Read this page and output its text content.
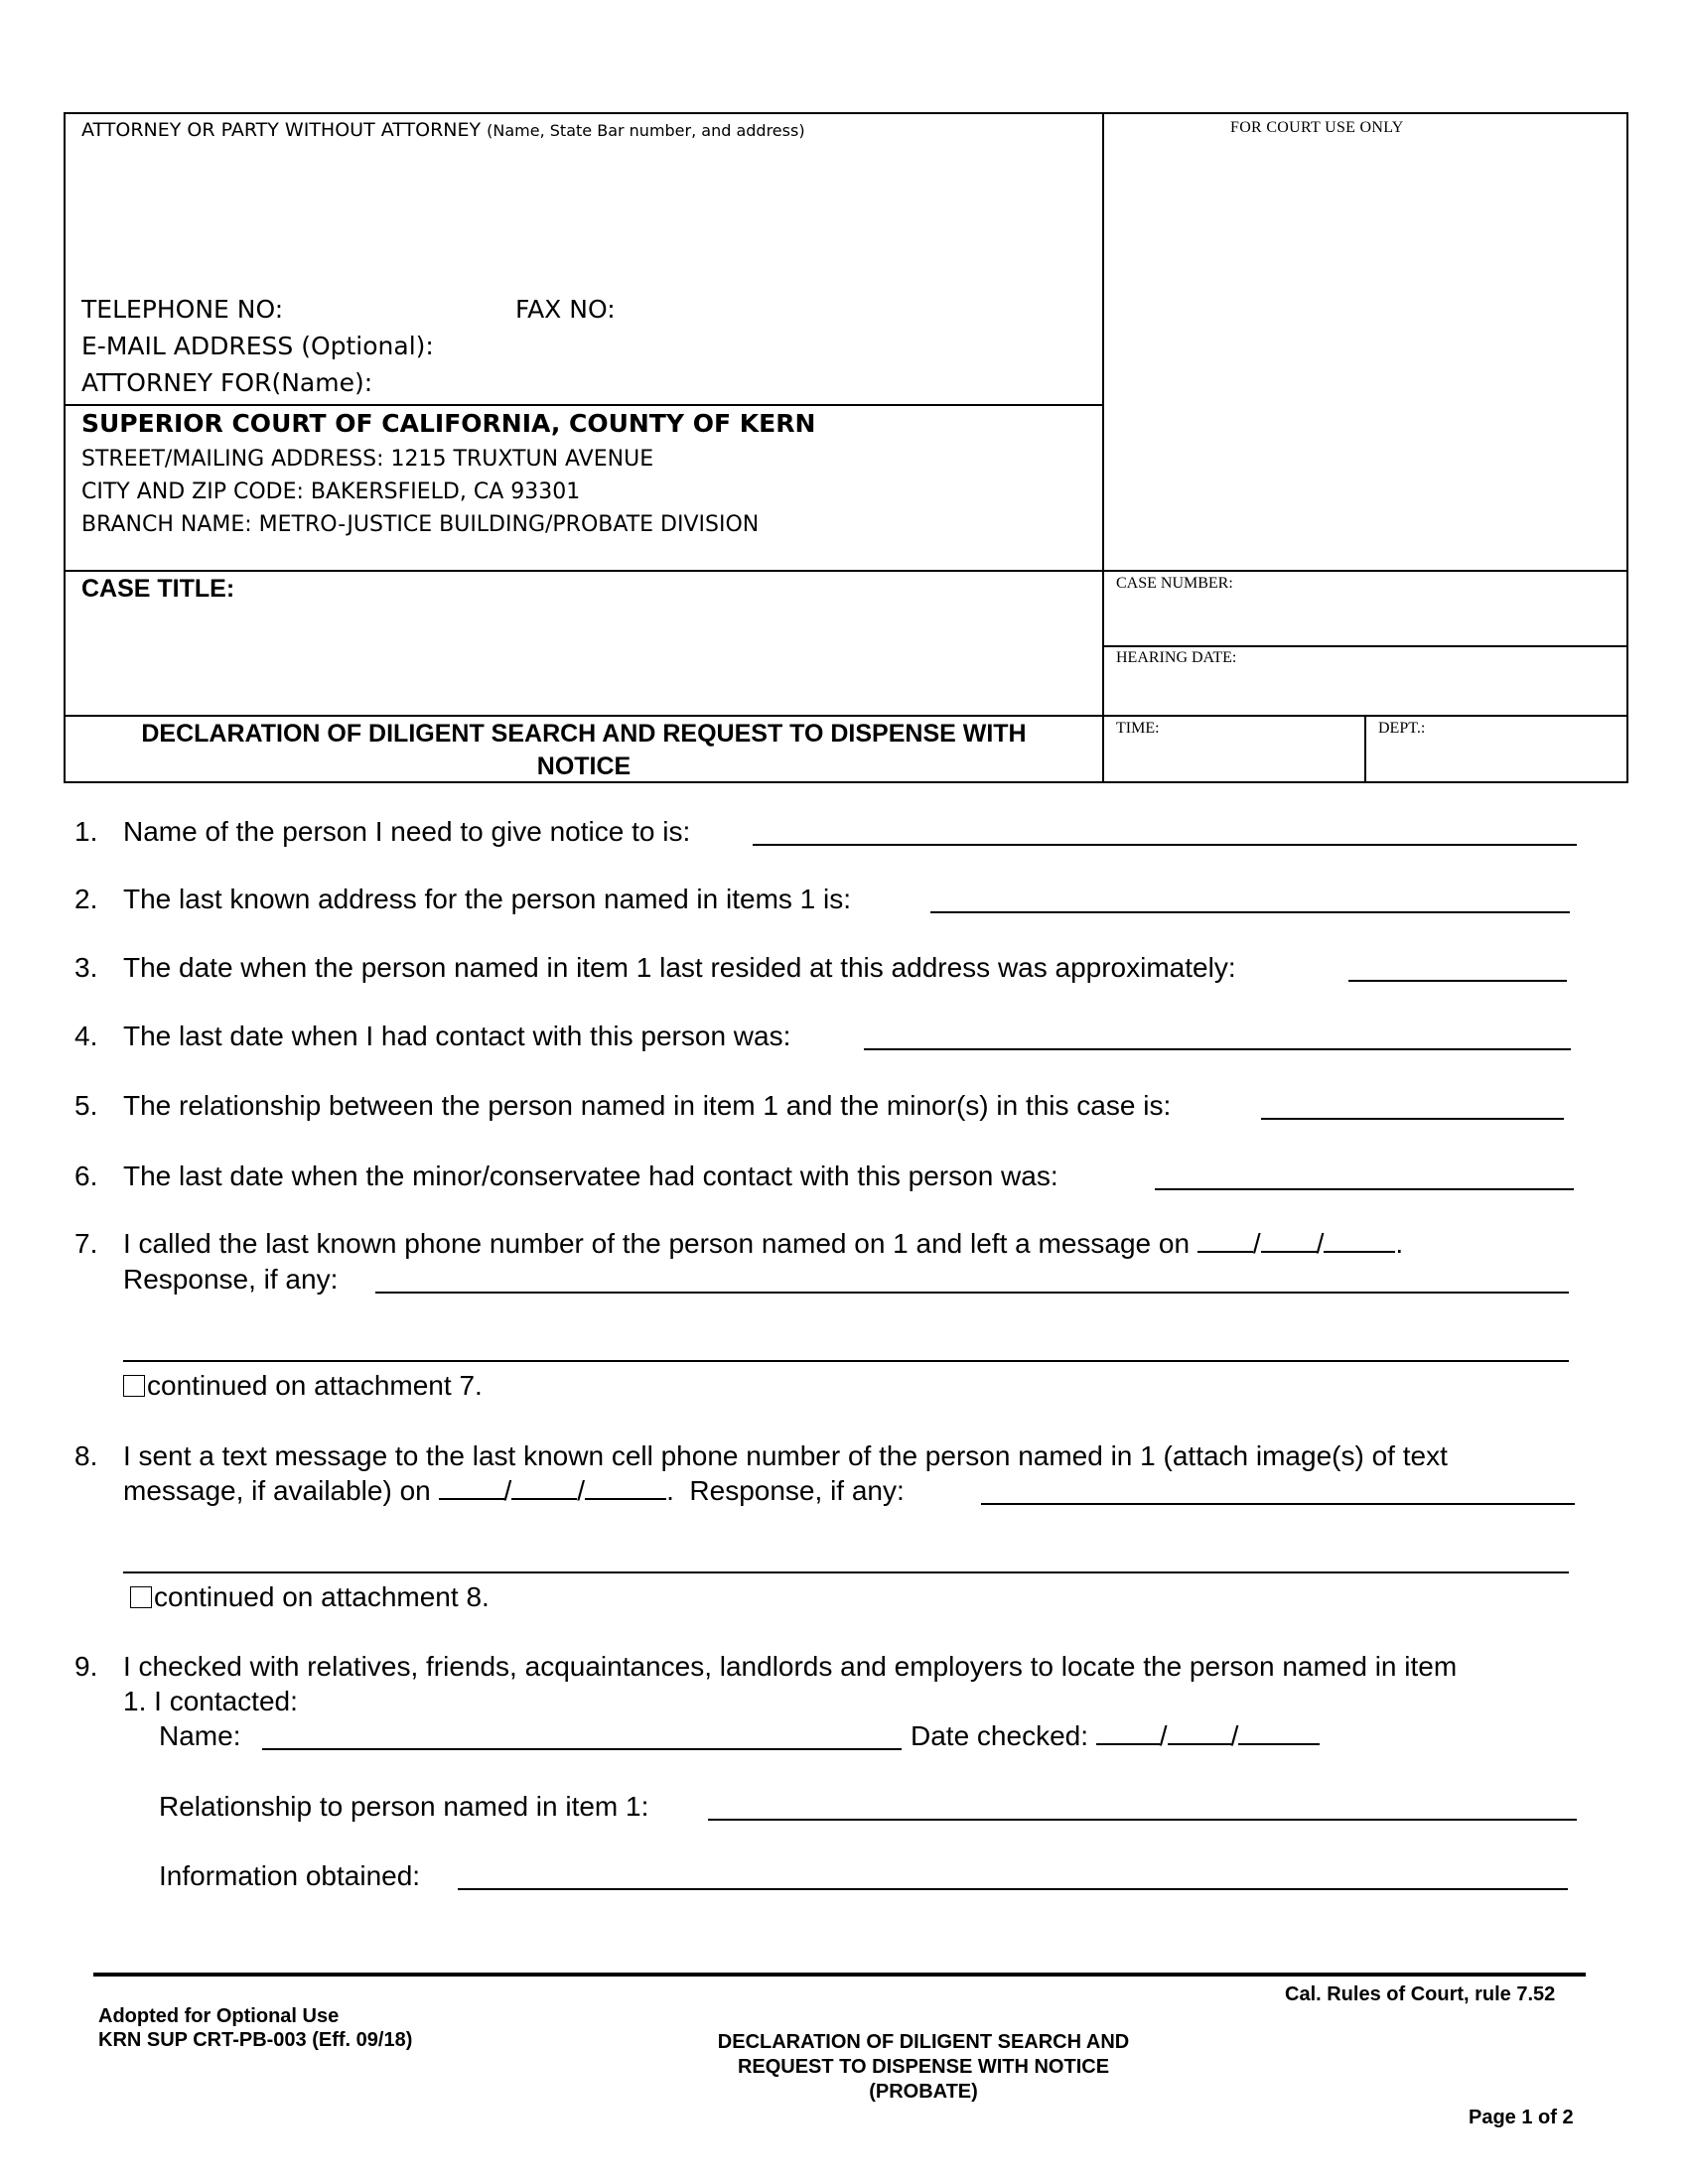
ATTORNEY OR PARTY WITHOUT ATTORNEY (Name, State Bar number, and address)	FOR COURT USE ONLY
TELEPHONE NO:	FAX NO:
E-MAIL ADDRESS (Optional):
ATTORNEY FOR(Name):
SUPERIOR COURT OF CALIFORNIA, COUNTY OF KERN
STREET/MAILING ADDRESS: 1215 TRUXTUN AVENUE
CITY AND ZIP CODE: BAKERSFIELD, CA 93301
BRANCH NAME: METRO-JUSTICE BUILDING/PROBATE DIVISION
CASE TITLE:	CASE NUMBER:
HEARING DATE:
DECLARATION OF DILIGENT SEARCH AND REQUEST TO DISPENSE WITH
NOTICE
TIME:	DEPT.:
1. Name of the person I need to give notice to is:
2. The last known address for the person named in items 1 is:
3. The date when the person named in item 1 last resided at this address was approximately:
4. The last date when I had contact with this person was:
5. The relationship between the person named in item 1 and the minor(s) in this case is:
6. The last date when the minor/conservatee had contact with this person was:
7. I called the last known phone number of the person named on 1 and left a message on / /	.
Response, if any:
continued on attachment 7.
8. I sent a text message to the last known cell phone number of the person named in 1 (attach image(s) of text
message, if available) on	/ /	.  Response, if any:
continued on attachment 8.
9. I checked with relatives, friends, acquaintances, landlords and employers to locate the person named in item
1. I contacted:
Name:	Date checked:	/ /
Relationship to person named in item 1:
Information obtained:
Cal. Rules of Court, rule 7.52
Adopted for Optional Use
KRN SUP CRT-PB-003 (Eff. 09/18)	DECLARATION OF DILIGENT SEARCH AND
REQUEST TO DISPENSE WITH NOTICE
(PROBATE)
Page 1 of 2
